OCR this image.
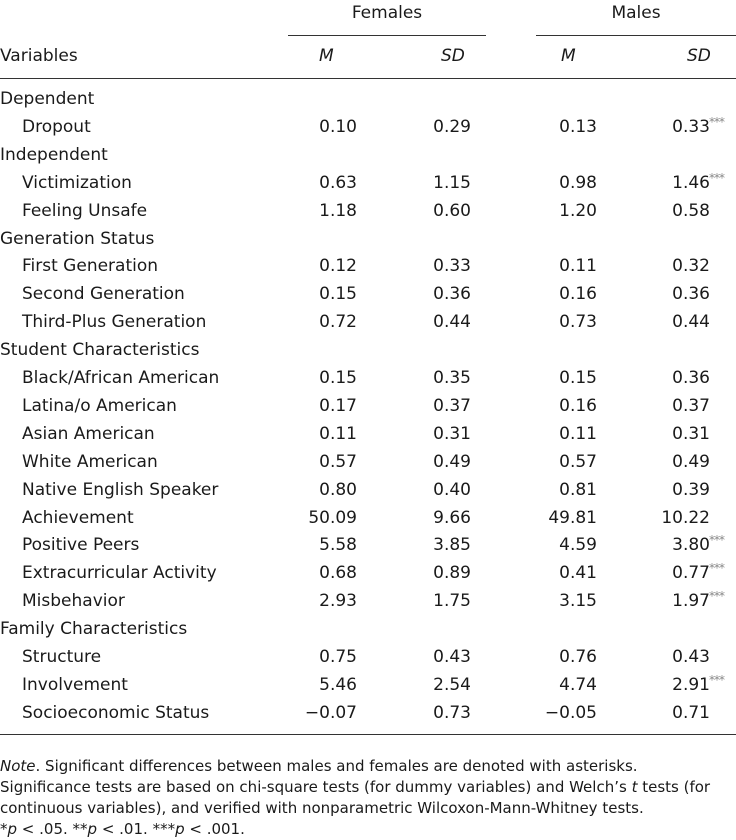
Females	Males
Variables	M	SD	M	SD
Dependent
Dropout	0.10	0.29	0.13	0.33 ***
Independent
Victimization	0.63	1.15	0.98	1.46 ***
Feeling Unsafe	1.18	0.60	1.20	0.58
Generation Status
First Generation	0.12	0.33	0.11	0.32
Second Generation	0.15	0.36	0.16	0.36
Third-Plus Generation	0.72	0.44	0.73	0.44
Student Characteristics
Black/African American	0.15	0.35	0.15	0.36
Latina/o American	0.17	0.37	0.16	0.37
Asian American	0.11	0.31	0.11	0.31
White American	0.57	0.49	0.57	0.49
Native English Speaker	0.80	0.40	0.81	0.39
Achievement	50.09	9.66	49.81	10.22
Positive Peers	5.58	3.85	4.59	3.80 ***
Extracurricular Activity	0.68	0.89	0.41	0.77 ***
Misbehavior	2.93	1.75	3.15	1.97 ***
Family Characteristics
Structure	0.75	0.43	0.76	0.43
Involvement	5.46	2.54	4.74	2.91 ***
Socioeconomic Status	−0.07	0.73	−0.05	0.71

Note. Significant differences between males and females are denoted with asterisks.

Significance tests are based on chi-square tests (for dummy variables) and Welch’s t tests (for

continuous variables), and verified with nonparametric Wilcoxon-Mann-Whitney tests.

*p < .05. **p < .01. ***p < .001.
